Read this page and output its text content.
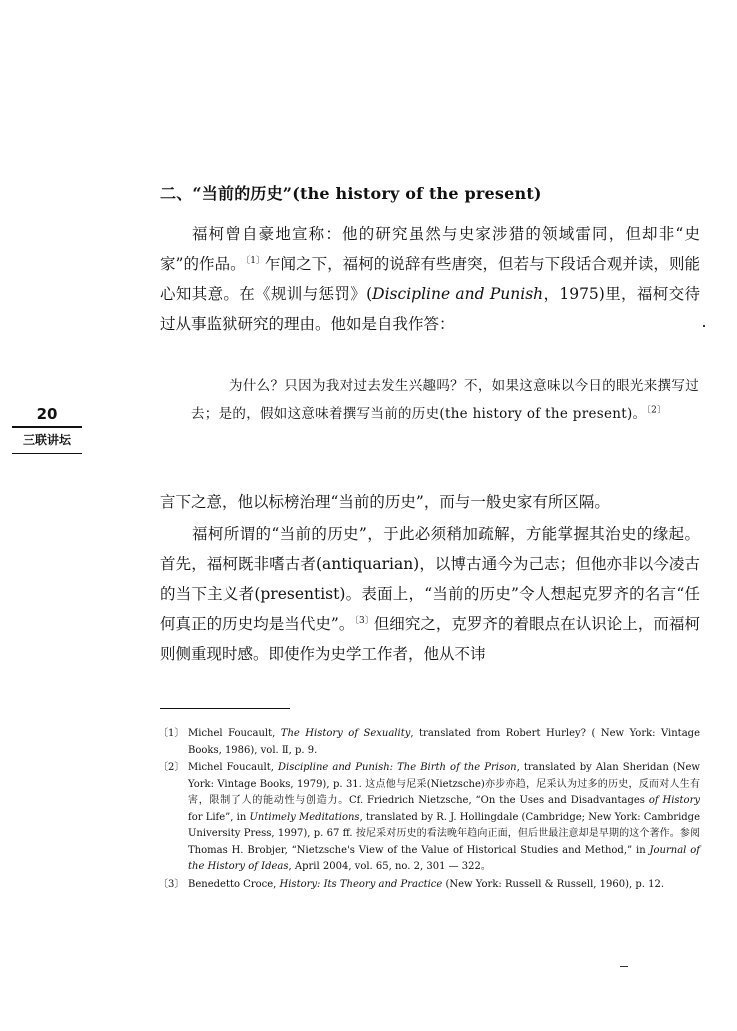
二、“当前的历史”(the history of the present)
福柯曾自豪地宣称：他的研究虽然与史家涉猎的领域雷同，但却非“史家”的作品。$^{〔1〕}$乍闻之下，福柯的说辞有些唐突，但若与下段话合观并读，则能心知其意。在《规训与惩罚》(Discipline and Punish，1975)里，福柯交待过从事监狱研究的理由。他如是自我作答：
为什么？只因为我对过去发生兴趣吗？不，如果这意味以今日的眼光来撰写过去；是的，假如这意味着撰写当前的历史(the history of the present)。$^{〔2〕}$
言下之意，他以标榜治理“当前的历史”，而与一般史家有所区隔。
福柯所谓的“当前的历史”，于此必须稍加疏解，方能掌握其治史的缘起。首先，福柯既非嗜古者(antiquarian)，以博古通今为己志；但他亦非以今凌古的当下主义者(presentist)。表面上，“当前的历史”令人想起克罗齐的名言“任何真正的历史均是当代史”。$^{〔3〕}$但细究之，克罗齐的着眼点在认识论上，而福柯则侧重现时感。即使作为史学工作者，他从不讳
20
三联讲坛
〔1〕 Michel Foucault, The History of Sexuality, translated from Robert Hurley? ( New York: Vintage Books, 1986), vol. Ⅱ, p. 9.
〔2〕 Michel Foucault, Discipline and Punish: The Birth of the Prison, translated by Alan Sheridan (New York: Vintage Books, 1979), p. 31. 这点他与尼采(Nietzsche)亦步亦趋，尼采认为过多的历史，反而对人生有害，限制了人的能动性与创造力。Cf. Friedrich Nietzsche, “On the Uses and Disadvantages of History for Life”, in Untimely Meditations, translated by R. J. Hollingdale (Cambridge; New York: Cambridge University Press, 1997), p. 67 ff. 按尼采对历史的看法晚年趋向正面，但后世最注意却是早期的这个著作。参阅 Thomas H. Brobjer, “Nietzsche's View of the Value of Historical Studies and Method,” in Journal of the History of Ideas, April 2004, vol. 65, no. 2, 301 — 322。
〔3〕 Benedetto Croce, History: Its Theory and Practice (New York: Russell & Russell, 1960), p. 12.
